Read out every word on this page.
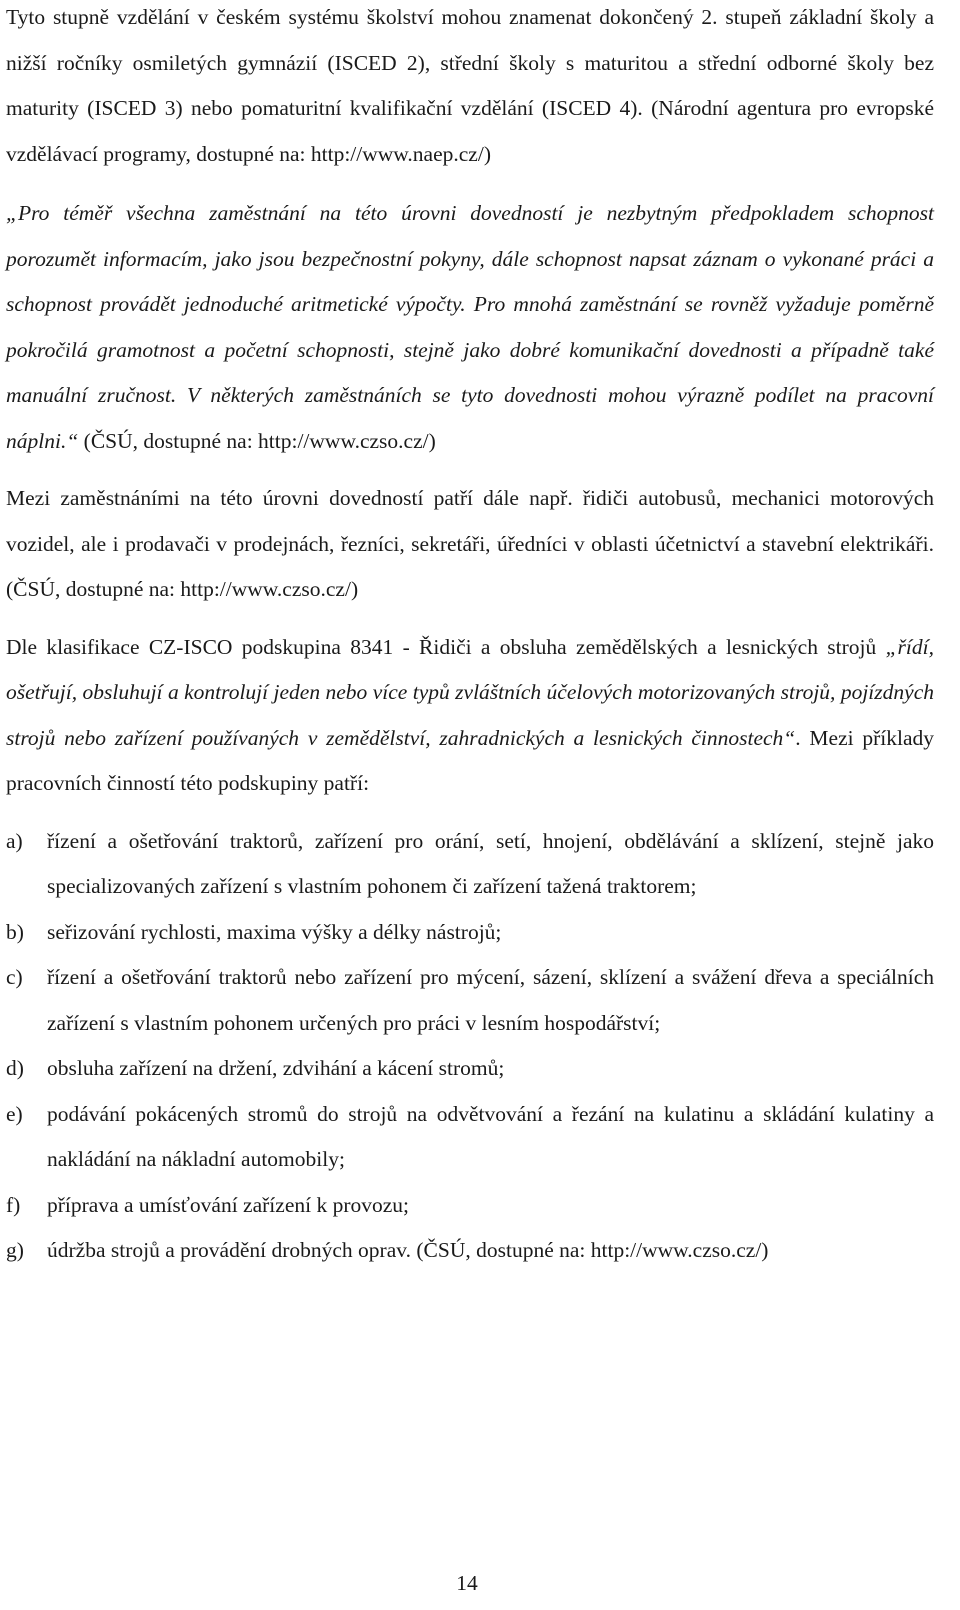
Tyto stupně vzdělání v českém systému školství mohou znamenat dokončený 2. stupeň základní školy a nižší ročníky osmiletých gymnázií (ISCED 2), střední školy s maturitou a střední odborné školy bez maturity (ISCED 3) nebo pomaturitní kvalifikační vzdělání (ISCED 4). (Národní agentura pro evropské vzdělávací programy, dostupné na: http://www.naep.cz/)

„Pro téměř všechna zaměstnání na této úrovni dovedností je nezbytným předpokladem schopnost porozumět informacím, jako jsou bezpečnostní pokyny, dále schopnost napsat záznam o vykonané práci a schopnost provádět jednoduché aritmetické výpočty. Pro mnohá zaměstnání se rovněž vyžaduje poměrně pokročilá gramotnost a početní schopnosti, stejně jako dobré komunikační dovednosti a případně také manuální zručnost. V některých zaměstnáních se tyto dovednosti mohou výrazně podílet na pracovní náplni.“ (ČSÚ, dostupné na: http://www.czso.cz/)

Mezi zaměstnáními na této úrovni dovedností patří dále např. řidiči autobusů, mechanici motorových vozidel, ale i prodavači v prodejnách, řezníci, sekretáři, úředníci v oblasti účetnictví a stavební elektrikáři. (ČSÚ, dostupné na: http://www.czso.cz/)

Dle klasifikace CZ-ISCO podskupina 8341 - Řidiči a obsluha zemědělských a lesnických strojů „řídí, ošetřují, obsluhují a kontrolují jeden nebo více typů zvláštních účelových motorizovaných strojů, pojízdných strojů nebo zařízení používaných v zemědělství, zahradnických a lesnických činnostech“. Mezi příklady pracovních činností této podskupiny patří:

a)	řízení a ošetřování traktorů, zařízení pro orání, setí, hnojení, obdělávání a sklízení, stejně jako specializovaných zařízení s vlastním pohonem či zařízení tažená traktorem;
b)	seřizování rychlosti, maxima výšky a délky nástrojů;
c)	řízení a ošetřování traktorů nebo zařízení pro mýcení, sázení, sklízení a svážení dřeva a speciálních zařízení s vlastním pohonem určených pro práci v lesním hospodářství;
d)	obsluha zařízení na držení, zdvihání a kácení stromů;
e)	podávání pokácených stromů do strojů na odvětvování a řezání na kulatinu a skládání kulatiny a nakládání na nákladní automobily;
f)	příprava a umísťování zařízení k provozu;
g)	údržba strojů a provádění drobných oprav. (ČSÚ, dostupné na: http://www.czso.cz/)
14
